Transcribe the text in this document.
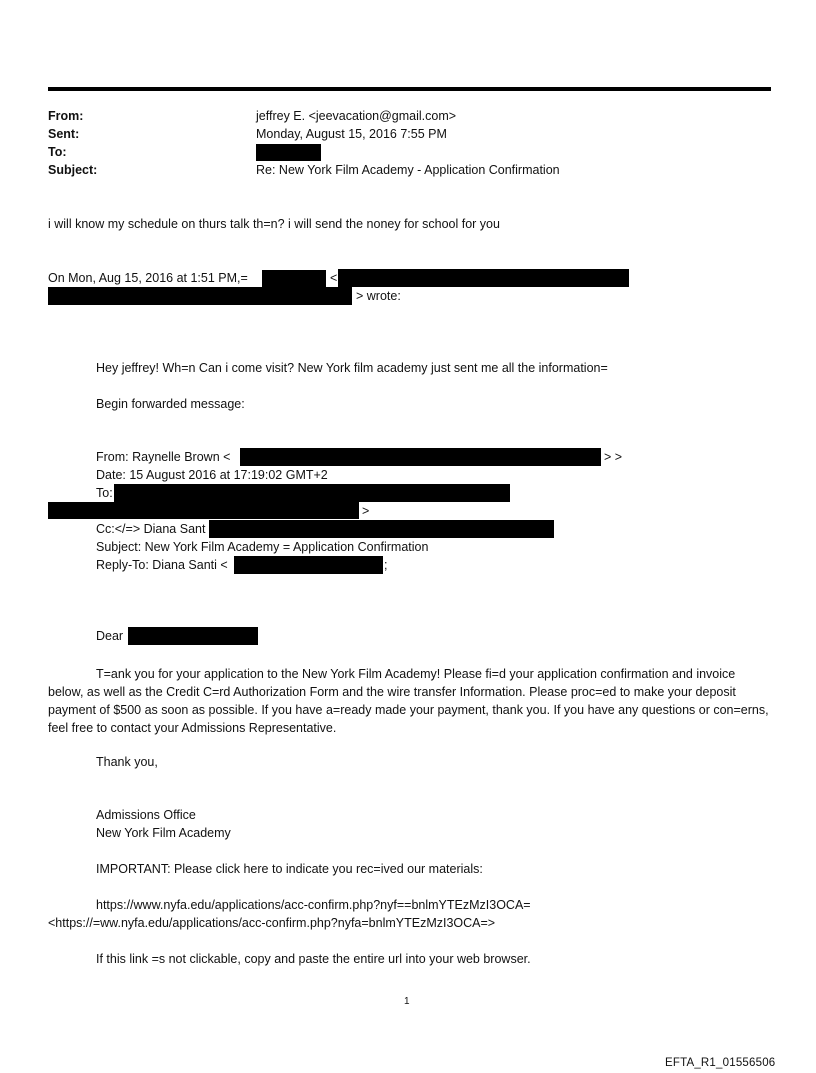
From:	jeffrey E. <jeevacation@gmail.com>
Sent:	Monday, August 15, 2016 7:55 PM
To:
Subject:	Re: New York Film Academy - Application Confirmation
i will know my schedule on thurs talk th=n? i will send the noney for school for you
On Mon, Aug 15, 2016 at 1:51 PM,=	<
> wrote:
Hey jeffrey! Wh=n Can i come visit? New York film academy just sent me all the information=
Begin forwarded message:
From: Raynelle Brown <	> >
Date: 15 August 2016 at 17:19:02 GMT+2
To:
>
Cc:</=> Diana Sant
Subject: New York Film Academy = Application Confirmation
Reply-To: Diana Santi <	;
Dear
T=ank you for your application to the New York Film Academy! Please fi=d your application confirmation and invoice below, as well as the Credit C=rd Authorization Form and the wire transfer Information. Please proc=ed to make your deposit payment of $500 as soon as possible. If you have a=ready made your payment, thank you. If you have any questions or con=erns, feel free to contact your Admissions Representative.
Thank you,
Admissions Office
New York Film Academy
IMPORTANT: Please click here to indicate you rec=ived our materials:
https://www.nyfa.edu/applications/acc-confirm.php?nyf==bnlmYTEzMzI3OCA=
<https://=ww.nyfa.edu/applications/acc-confirm.php?nyfa=bnlmYTEzMzI3OCA=>
If this link =s not clickable, copy and paste the entire url into your web browser.
1
EFTA_R1_01556506
